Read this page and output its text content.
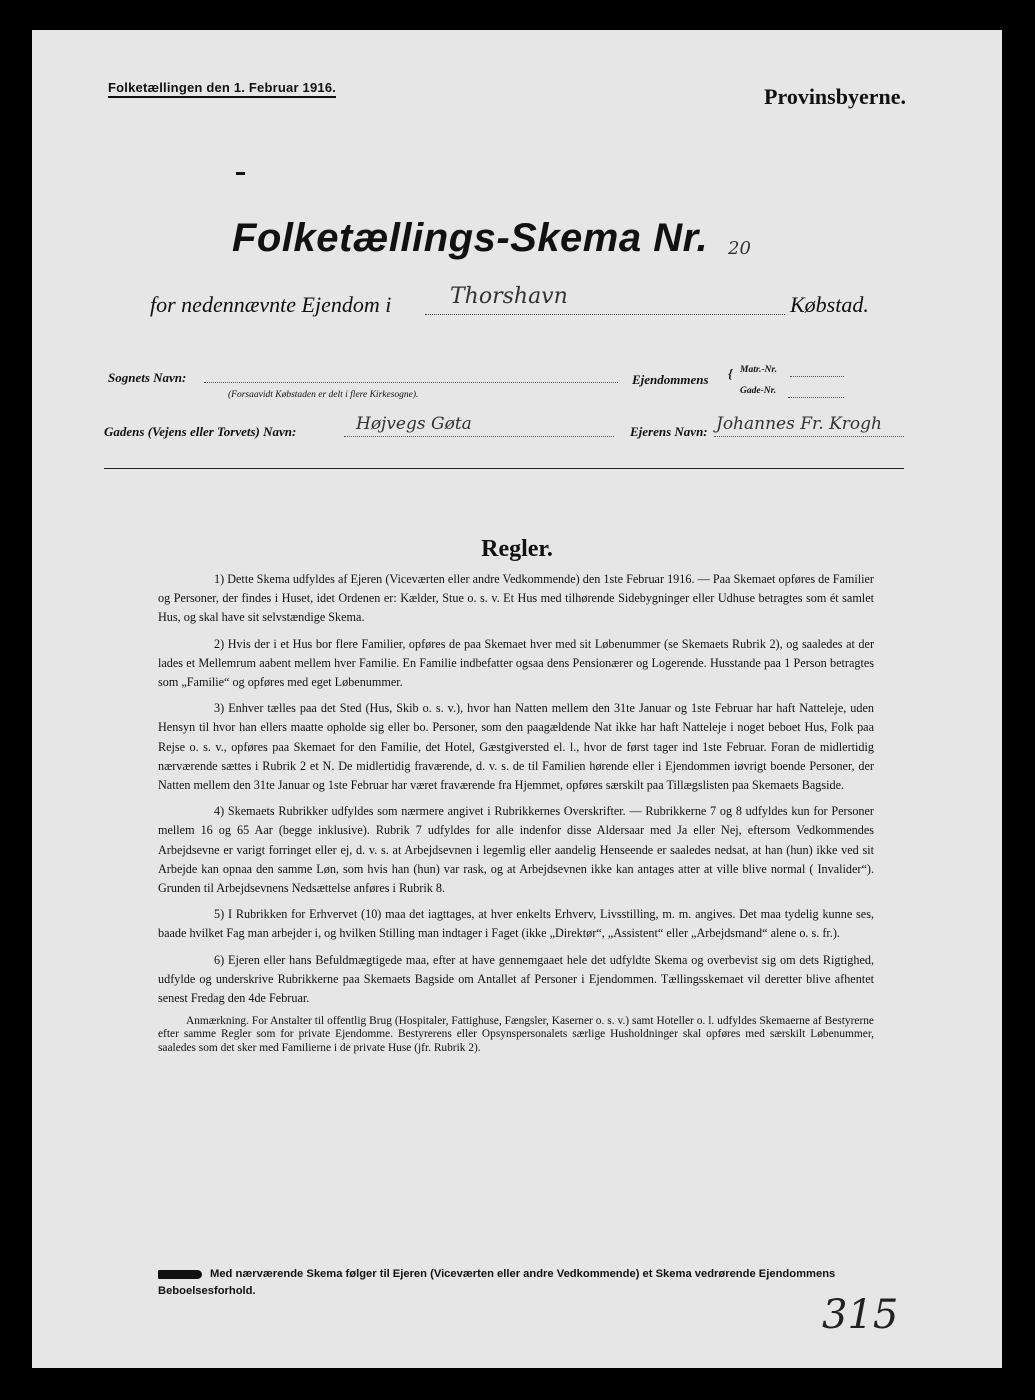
Folketællingen den 1. Februar 1916.	Provinsbyerne.
Folketællings-Skema Nr. 20
for nedennævnte Ejendom i	Thorshavn	Købstad.
Sognets Navn:
(Forsaavidt Købstaden er delt i flere Kirkesogne).
Ejendommens { Matr.-Nr.
Gade-Nr.
Gadens (Vejens eller Torvets) Navn:	Højvegs Gøta	Ejerens Navn: Johannes Fr. Krogh
Regler.

1) Dette Skema udfyldes af Ejeren (Viceværten eller andre Vedkommende) den 1ste Februar 1916. — Paa Skemaet opføres de Familier og Personer, der findes i Huset, idet Ordenen er: Kælder, Stue o. s. v. Et Hus med tilhørende Sidebygninger eller Udhuse betragtes som ét samlet Hus, og skal have sit selvstændige Skema.

2) Hvis der i et Hus bor flere Familier, opføres de paa Skemaet hver med sit Løbenummer (se Skemaets Rubrik 2), og saaledes at der lades et Mellemrum aabent mellem hver Familie. En Familie indbefatter ogsaa dens Pensionærer og Logerende. Husstande paa 1 Person betragtes som „Familie“ og opføres med eget Løbenummer.

3) Enhver tælles paa det Sted (Hus, Skib o. s. v.), hvor han Natten mellem den 31te Januar og 1ste Februar har haft Natteleje, uden Hensyn til hvor han ellers maatte opholde sig eller bo. Personer, som den paagældende Nat ikke har haft Natteleje i noget beboet Hus, Folk paa Rejse o. s. v., opføres paa Skemaet for den Familie, det Hotel, Gæstgiversted el. l., hvor de først tager ind 1ste Februar. Foran de midlertidig nærværende sættes i Rubrik 2 et N. De midlertidig fraværende, d. v. s. de til Familien hørende eller i Ejendommen iøvrigt boende Personer, der Natten mellem den 31te Januar og 1ste Februar har været fraværende fra Hjemmet, opføres særskilt paa Tillægslisten paa Skemaets Bagside.

4) Skemaets Rubrikker udfyldes som nærmere angivet i Rubrikkernes Overskrifter. — Rubrikkerne 7 og 8 udfyldes kun for Personer mellem 16 og 65 Aar (begge inklusive). Rubrik 7 udfyldes for alle indenfor disse Aldersaar med Ja eller Nej, eftersom Vedkommendes Arbejdsevne er varigt forringet eller ej, d. v. s. at Arbejdsevnen i legemlig eller aandelig Henseende er saaledes nedsat, at han (hun) ikke ved sit Arbejde kan opnaa den samme Løn, som hvis han (hun) var rask, og at Arbejdsevnen ikke kan antages atter at ville blive normal ( Invalider“). Grunden til Arbejdsevnens Nedsættelse anføres i Rubrik 8.

5) I Rubrikken for Erhvervet (10) maa det iagttages, at hver enkelts Erhverv, Livsstilling, m. m. angives. Det maa tydelig kunne ses, baade hvilket Fag man arbejder i, og hvilken Stilling man indtager i Faget (ikke „Direktør“, „Assistent“ eller „Arbejdsmand“ alene o. s. fr.).

6) Ejeren eller hans Befuldmægtigede maa, efter at have gennemgaaet hele det udfyldte Skema og overbevist sig om dets Rigtighed, udfylde og underskrive Rubrikkerne paa Skemaets Bagside om Antallet af Personer i Ejendommen. Tællingsskemaet vil deretter blive afhentet senest Fredag den 4de Februar.

Anmærkning. For Anstalter til offentlig Brug (Hospitaler, Fattighuse, Fængsler, Kaserner o. s. v.) samt Hoteller o. l. udfyldes Skemaerne af Bestyrerne efter samme Regler som for private Ejendomme. Bestyrerens eller Opsynspersonalets særlige Husholdninger skal opføres med særskilt Løbenummer, saaledes som det sker med Familierne i de private Huse (jfr. Rubrik 2).

Med nærværende Skema følger til Ejeren (Viceværten eller andre Vedkommende) et Skema vedrørende Ejendommens Beboelsesforhold.
315
